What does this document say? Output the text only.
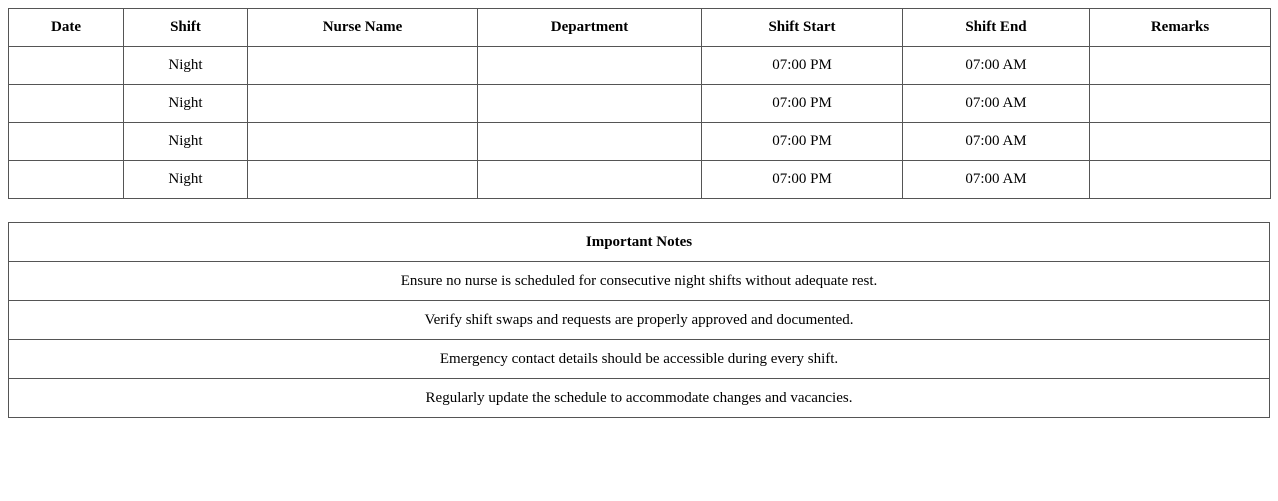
Date	Shift	Nurse Name	Department	Shift Start	Shift End	Remarks
	Night			07:00 PM	07:00 AM	
	Night			07:00 PM	07:00 AM	
	Night			07:00 PM	07:00 AM	
	Night			07:00 PM	07:00 AM	
Important Notes
Ensure no nurse is scheduled for consecutive night shifts without adequate rest.
Verify shift swaps and requests are properly approved and documented.
Emergency contact details should be accessible during every shift.
Regularly update the schedule to accommodate changes and vacancies.
